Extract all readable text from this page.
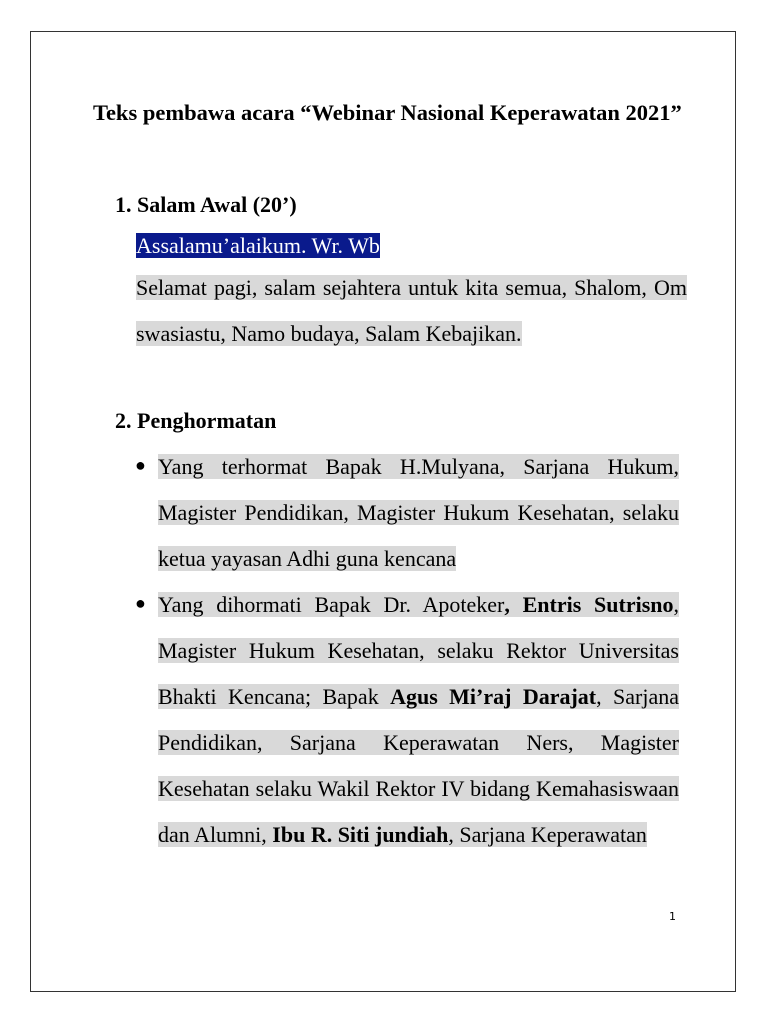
Teks pembawa acara “Webinar Nasional Keperawatan 2021”
1. Salam Awal (20’)
Assalamu’alaikum. Wr. Wb
Selamat pagi, salam sejahtera untuk kita semua, Shalom, Om swasiastu, Namo budaya, Salam Kebajikan.
2. Penghormatan
● Yang terhormat Bapak H.Mulyana, Sarjana Hukum, Magister Pendidikan, Magister Hukum Kesehatan, selaku ketua yayasan Adhi guna kencana
● Yang dihormati Bapak Dr. Apoteker, Entris Sutrisno, Magister Hukum Kesehatan, selaku Rektor Universitas Bhakti Kencana; Bapak Agus Mi’raj Darajat, Sarjana Pendidikan, Sarjana Keperawatan Ners, Magister Kesehatan selaku Wakil Rektor IV bidang Kemahasiswaan dan Alumni, Ibu R. Siti jundiah, Sarjana Keperawatan
1
